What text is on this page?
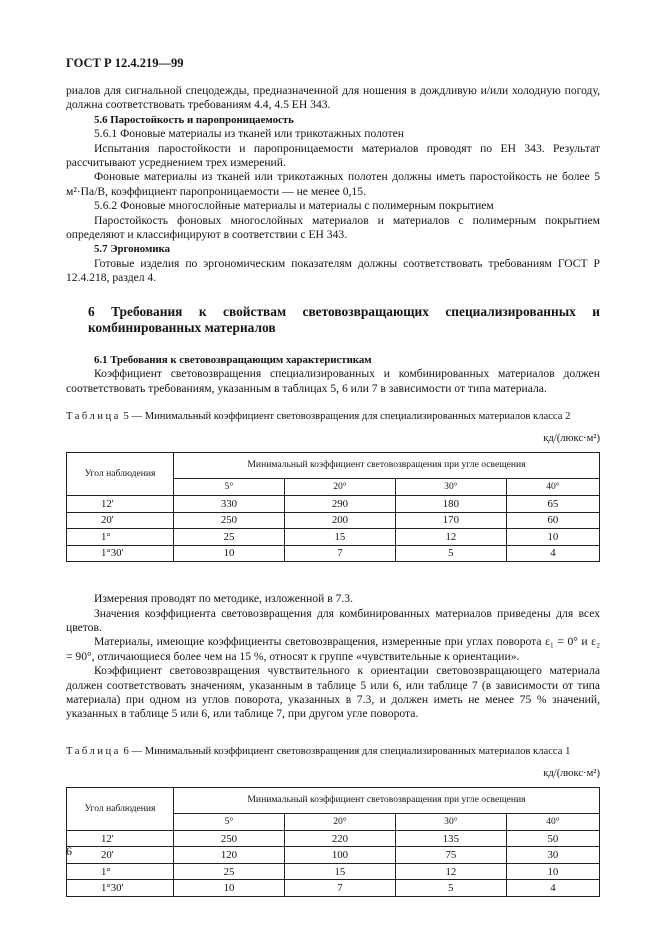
ГОСТ Р 12.4.219—99

риалов для сигнальной спецодежды, предназначенной для ношения в дождливую и/или холодную погоду, должна соответствовать требованиям 4.4, 4.5 ЕН 343.

5.6 Паростойкость и паропроницаемость

5.6.1 Фоновые материалы из тканей или трикотажных полотен

Испытания паростойкости и паропроницаемости материалов проводят по ЕН 343. Результат рассчитывают усреднением трех измерений.

Фоновые материалы из тканей или трикотажных полотен должны иметь паростойкость не более 5 м²·Па/В, коэффициент паропроницаемости — не менее 0,15.

5.6.2 Фоновые многослойные материалы и материалы с полимерным покрытием

Паростойкость фоновых многослойных материалов и материалов с полимерным покрытием определяют и классифицируют в соответствии с ЕН 343.

5.7 Эргономика

Готовые изделия по эргономическим показателям должны соответствовать требованиям ГОСТ Р 12.4.218, раздел 4.

6 Требования к свойствам световозвращающих специализированных и комбинированных материалов

6.1 Требования к световозвращающим характеристикам

Коэффициент световозвращения специализированных и комбинированных материалов должен соответствовать требованиям, указанным в таблицах 5, 6 или 7 в зависимости от типа материала.

Таблица 5 — Минимальный коэффициент световозвращения для специализированных материалов класса 2

кд/(люкс·м²)
Угол наблюдения	Минимальный коэффициент световозвращения при угле освещения			
	5°	20°	30°	40°
12'	330	290	180	65
20'	250	200	170	60
1°	25	15	12	10
1°30'	10	7	5	4

Измерения проводят по методике, изложенной в 7.3.

Значения коэффициента световозвращения для комбинированных материалов приведены для всех цветов.

Материалы, имеющие коэффициенты световозвращения, измеренные при углах поворота ε₁ = 0° и ε₂ = 90°, отличающиеся более чем на 15 %, относят к группе «чувствительные к ориентации».

Коэффициент световозвращения чувствительного к ориентации световозвращающего материала должен соответствовать значениям, указанным в таблице 5 или 6, или таблице 7 (в зависимости от типа материала) при одном из углов поворота, указанных в 7.3, и должен иметь не менее 75 % значений, указанных в таблице 5 или 6, или таблице 7, при другом угле поворота.

Таблица 6 — Минимальный коэффициент световозвращения для специализированных материалов класса 1

кд/(люкс·м²)
Угол наблюдения	Минимальный коэффициент световозвращения при угле освещения			
	5°	20°	30°	40°
12'	250	220	135	50
20'	120	100	75	30
1°	25	15	12	10
1°30'	10	7	5	4
6
